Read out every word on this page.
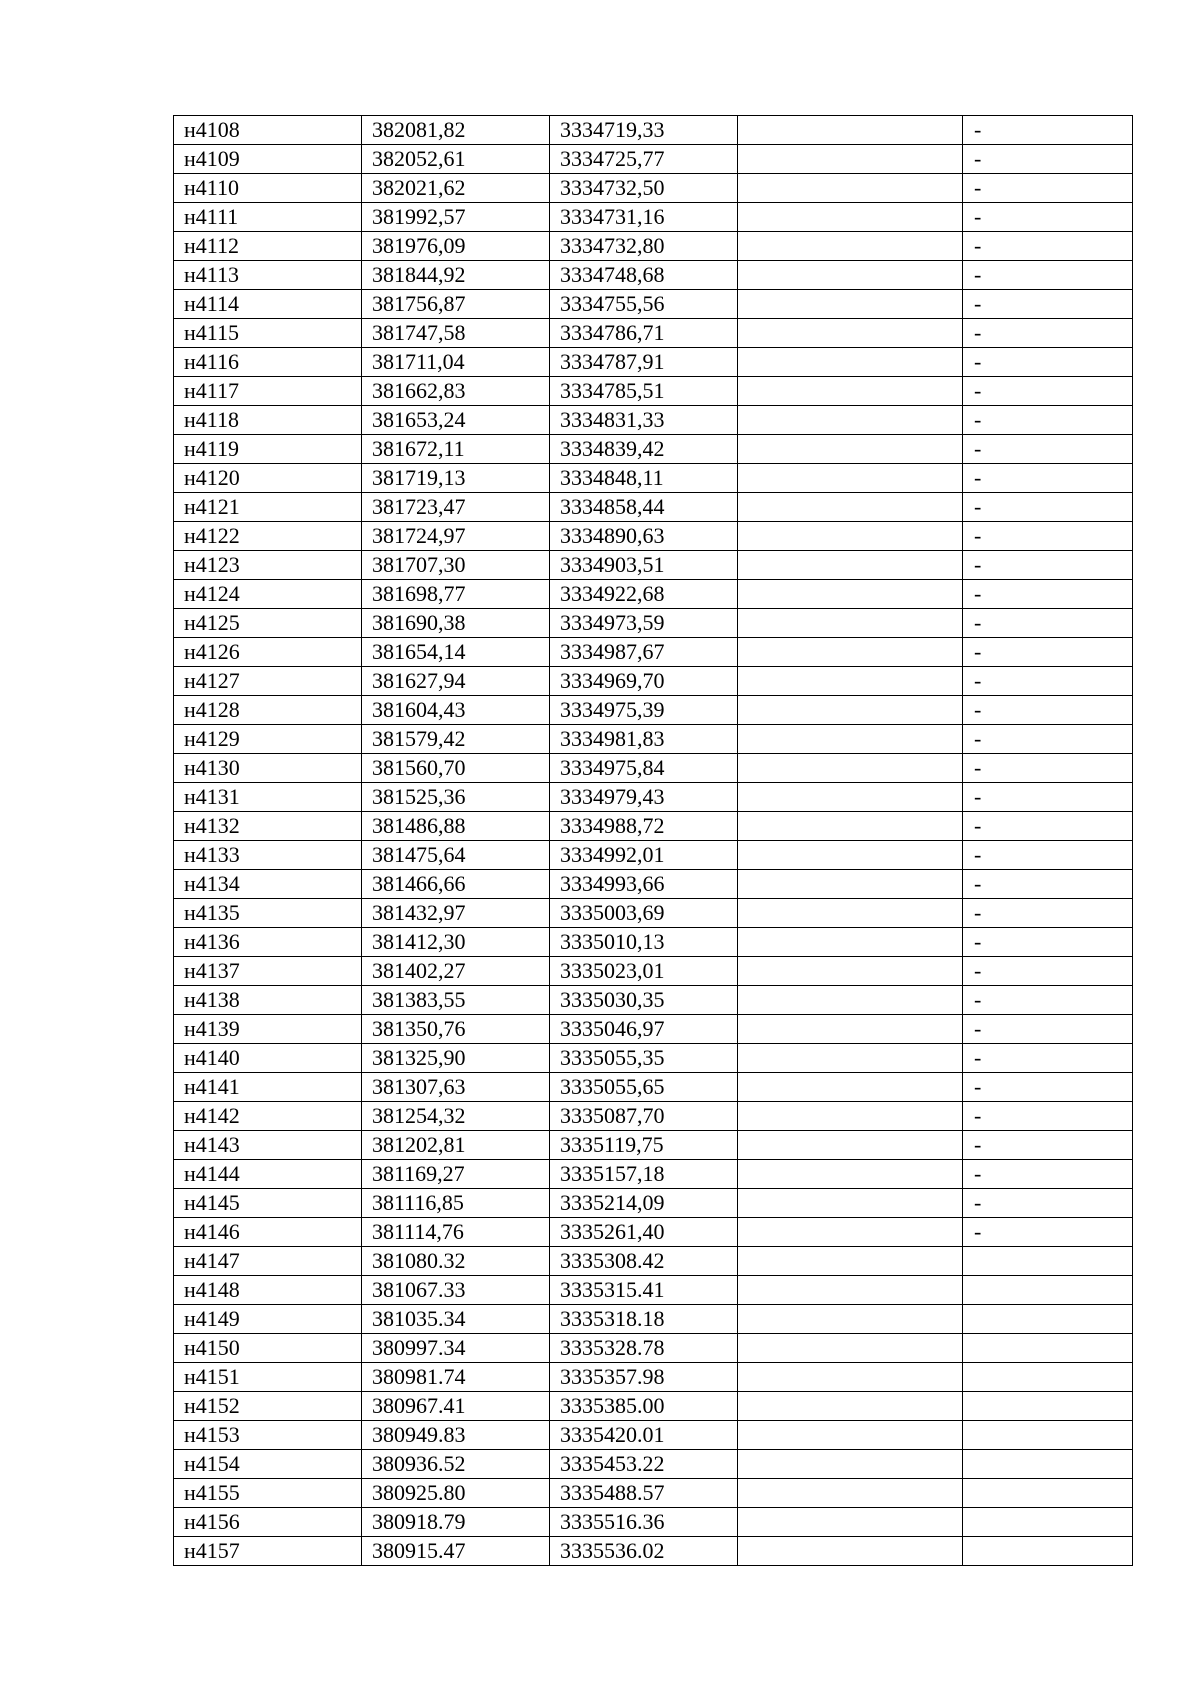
н4108	382081,82	3334719,33		-
н4109	382052,61	3334725,77		-
н4110	382021,62	3334732,50		-
н4111	381992,57	3334731,16		-
н4112	381976,09	3334732,80		-
н4113	381844,92	3334748,68		-
н4114	381756,87	3334755,56		-
н4115	381747,58	3334786,71		-
н4116	381711,04	3334787,91		-
н4117	381662,83	3334785,51		-
н4118	381653,24	3334831,33		-
н4119	381672,11	3334839,42		-
н4120	381719,13	3334848,11		-
н4121	381723,47	3334858,44		-
н4122	381724,97	3334890,63		-
н4123	381707,30	3334903,51		-
н4124	381698,77	3334922,68		-
н4125	381690,38	3334973,59		-
н4126	381654,14	3334987,67		-
н4127	381627,94	3334969,70		-
н4128	381604,43	3334975,39		-
н4129	381579,42	3334981,83		-
н4130	381560,70	3334975,84		-
н4131	381525,36	3334979,43		-
н4132	381486,88	3334988,72		-
н4133	381475,64	3334992,01		-
н4134	381466,66	3334993,66		-
н4135	381432,97	3335003,69		-
н4136	381412,30	3335010,13		-
н4137	381402,27	3335023,01		-
н4138	381383,55	3335030,35		-
н4139	381350,76	3335046,97		-
н4140	381325,90	3335055,35		-
н4141	381307,63	3335055,65		-
н4142	381254,32	3335087,70		-
н4143	381202,81	3335119,75		-
н4144	381169,27	3335157,18		-
н4145	381116,85	3335214,09		-
н4146	381114,76	3335261,40		-
н4147	381080.32	3335308.42		
н4148	381067.33	3335315.41		
н4149	381035.34	3335318.18		
н4150	380997.34	3335328.78		
н4151	380981.74	3335357.98		
н4152	380967.41	3335385.00		
н4153	380949.83	3335420.01		
н4154	380936.52	3335453.22		
н4155	380925.80	3335488.57		
н4156	380918.79	3335516.36		
н4157	380915.47	3335536.02		
